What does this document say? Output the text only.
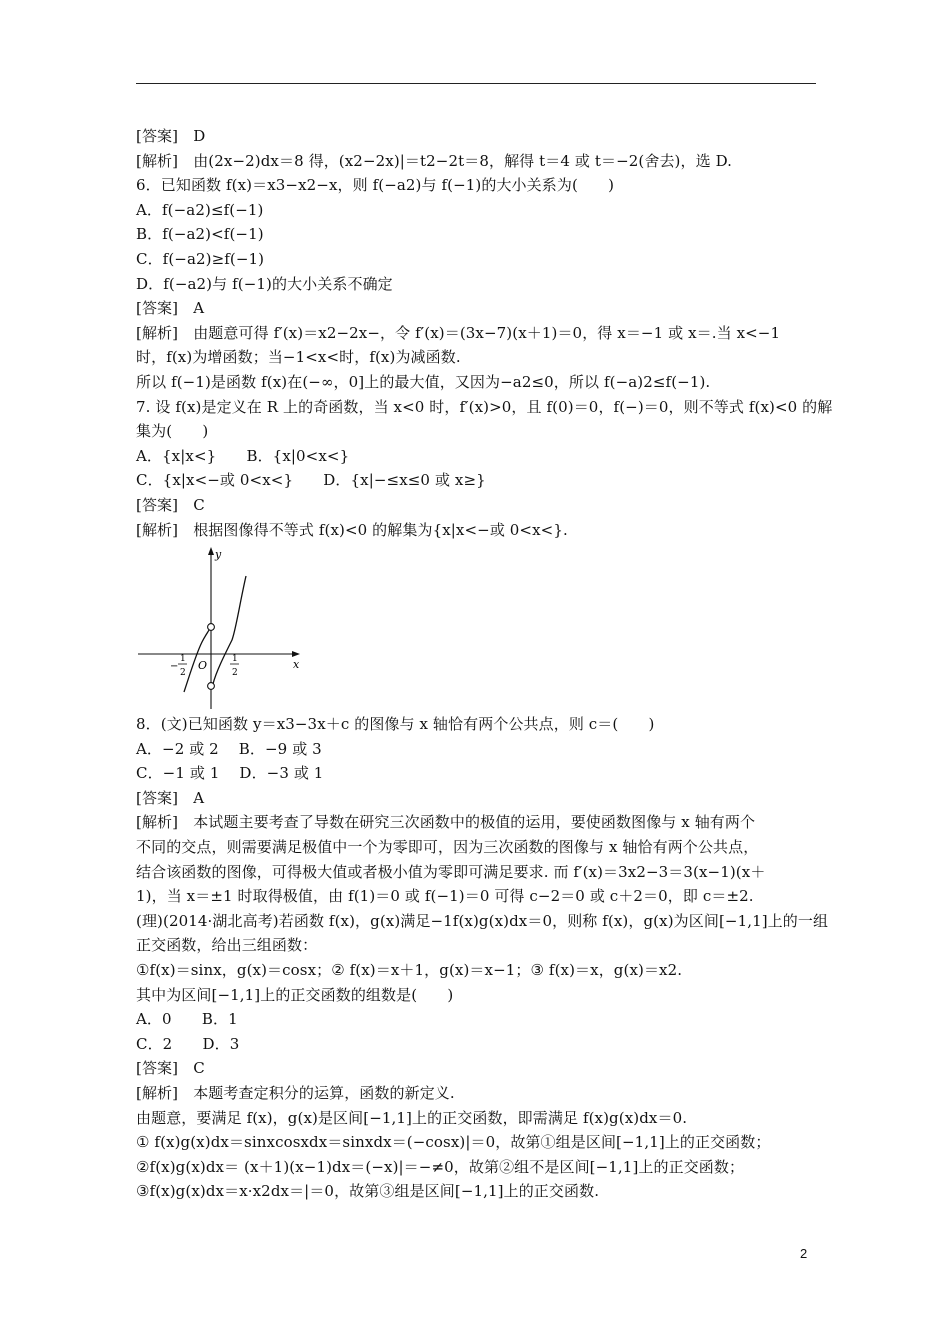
[答案]　D
[解析]　由(2x−2)dx＝8 得，(x2−2x)|＝t2−2t＝8，解得 t＝4 或 t＝−2(舍去)，选 D.
6．已知函数 f(x)＝x3−x2−x，则 f(−a2)与 f(−1)的大小关系为(　　)
A．f(−a2)≤f(−1)
B．f(−a2)<f(−1)
C．f(−a2)≥f(−1)
D．f(−a2)与 f(−1)的大小关系不确定
[答案]　A
[解析]　由题意可得 f′(x)＝x2−2x−，令 f′(x)＝(3x−7)(x＋1)＝0，得 x＝−1 或 x＝.当 x<−1
时，f(x)为增函数；当−1<x<时，f(x)为减函数.
所以 f(−1)是函数 f(x)在(−∞，0]上的最大值，又因为−a2≤0，所以 f(−a)2≤f(−1).
7. 设 f(x)是定义在 R 上的奇函数，当 x<0 时，f′(x)>0，且 f(0)＝0，f(−)＝0，则不等式 f(x)<0 的解
集为(　　)
A．{x|x<}　　B．{x|0<x<}
C．{x|x<−或 0<x<}　　D．{x|−≤x≤0 或 x≥}
[答案]　C
[解析]　根据图像得不等式 f(x)<0 的解集为{x|x<−或 0<x<}.
y
x
O
−
1
2
1
2
8．(文)已知函数 y＝x3−3x＋c 的图像与 x 轴恰有两个公共点，则 c＝(　　)
A．−2 或 2　 B．−9 或 3
C．−1 或 1　 D．−3 或 1
[答案]　A
[解析]　本试题主要考查了导数在研究三次函数中的极值的运用，要使函数图像与 x 轴有两个
不同的交点，则需要满足极值中一个为零即可，因为三次函数的图像与 x 轴恰有两个公共点，
结合该函数的图像，可得极大值或者极小值为零即可满足要求. 而 f′(x)＝3x2−3＝3(x−1)(x＋
1)，当 x＝±1 时取得极值，由 f(1)＝0 或 f(−1)＝0 可得 c−2＝0 或 c＋2＝0，即 c＝±2.
(理)(2014·湖北高考)若函数 f(x)，g(x)满足−1f(x)g(x)dx＝0，则称 f(x)，g(x)为区间[−1,1]上的一组
正交函数，给出三组函数：
①f(x)＝sinx，g(x)＝cosx；② f(x)＝x＋1，g(x)＝x−1；③ f(x)＝x，g(x)＝x2.
其中为区间[−1,1]上的正交函数的组数是(　　)
A．0　　B．1
C．2　　D．3
[答案]　C
[解析]　本题考查定积分的运算，函数的新定义.
由题意，要满足 f(x)，g(x)是区间[−1,1]上的正交函数，即需满足 f(x)g(x)dx＝0.
① f(x)g(x)dx＝sinxcosxdx＝sinxdx＝(−cosx)|＝0，故第①组是区间[−1,1]上的正交函数；
②f(x)g(x)dx＝ (x＋1)(x−1)dx＝(−x)|＝−≠0，故第②组不是区间[−1,1]上的正交函数；
③f(x)g(x)dx＝x·x2dx＝|＝0，故第③组是区间[−1,1]上的正交函数.
2
